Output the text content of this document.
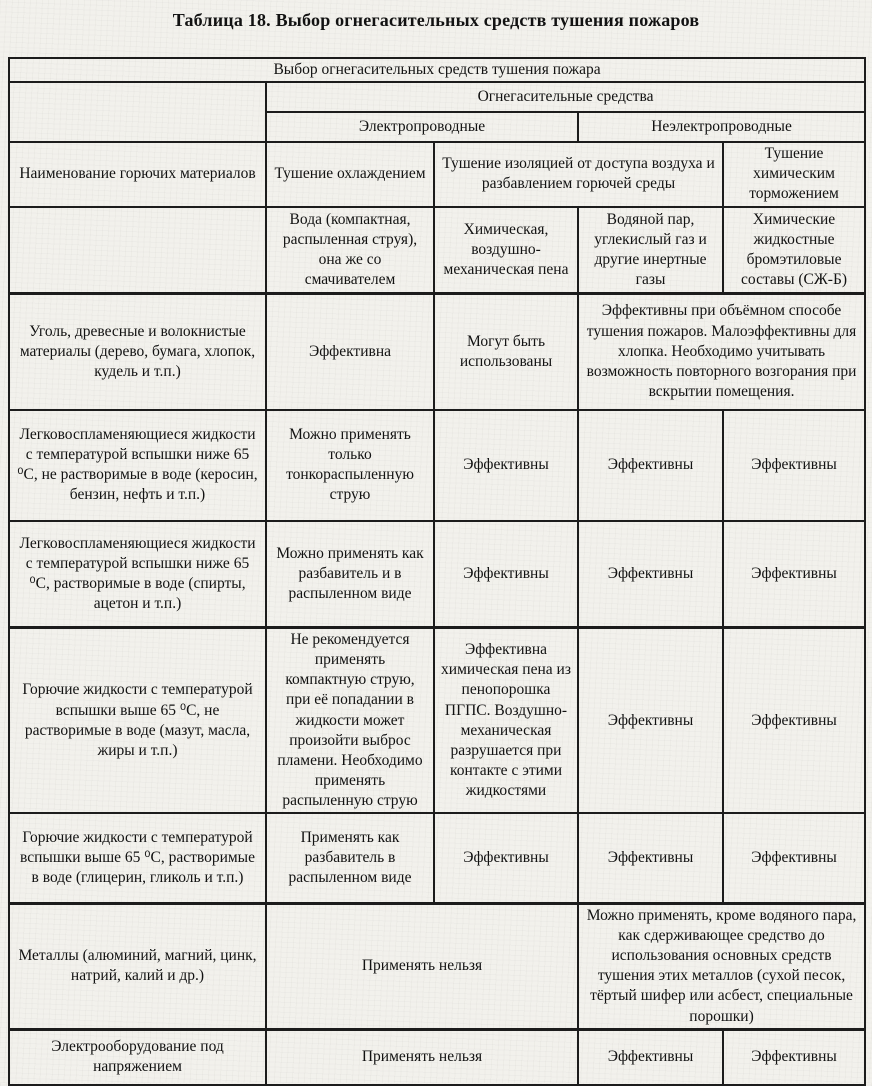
Таблица 18. Выбор огнегасительных средств тушения пожаров
Выбор огнегасительных средств тушения пожара				
	Огнегасительные средства			
	Электропроводные		Неэлектропроводные	
Наименование горючих материалов	Тушение охлаждением	Тушение изоляцией от доступа воздуха и разбавлением горючей среды		Тушение химическим торможением
	Вода (компактная, распыленная струя), она же со смачивателем	Химическая, воздушно-механическая пена	Водяной пар, углекислый газ и другие инертные газы	Химические жидкостные бромэтиловые составы (СЖ-Б)
Уголь, древесные и волокнистые материалы (дерево, бумага, хлопок, кудель и т.п.)	Эффективна	Могут быть использованы	Эффективны при объёмном способе тушения пожаров. Малоэффективны для хлопка. Необходимо учитывать возможность повторного возгорания при вскрытии помещения.	
Легковоспламеняющиеся жидкости с температурой вспышки ниже 65 ⁰С, не растворимые в воде (керосин, бензин, нефть и т.п.)	Можно применять только тонкораспыленную струю	Эффективны	Эффективны	Эффективны
Легковоспламеняющиеся жидкости с температурой вспышки ниже 65 ⁰С, растворимые в воде (спирты, ацетон и т.п.)	Можно применять как разбавитель и в распыленном виде	Эффективны	Эффективны	Эффективны
Горючие жидкости с температурой вспышки выше 65 ⁰С, не растворимые в воде (мазут, масла, жиры и т.п.)	Не рекомендуется применять компактную струю, при её попадании в жидкости может произойти выброс пламени. Необходимо применять распыленную струю	Эффективна химическая пена из пенопорошка ПГПС. Воздушно-механическая разрушается при контакте с этими жидкостями	Эффективны	Эффективны
Горючие жидкости с температурой вспышки выше 65 ⁰С, растворимые в воде (глицерин, гликоль и т.п.)	Применять как разбавитель в распыленном виде	Эффективны	Эффективны	Эффективны
Металлы (алюминий, магний, цинк, натрий, калий и др.)	Применять нельзя		Можно применять, кроме водяного пара, как сдерживающее средство до использования основных средств тушения этих металлов (сухой песок, тёртый шифер или асбест, специальные порошки)	
Электрооборудование под напряжением	Применять нельзя		Эффективны	Эффективны
